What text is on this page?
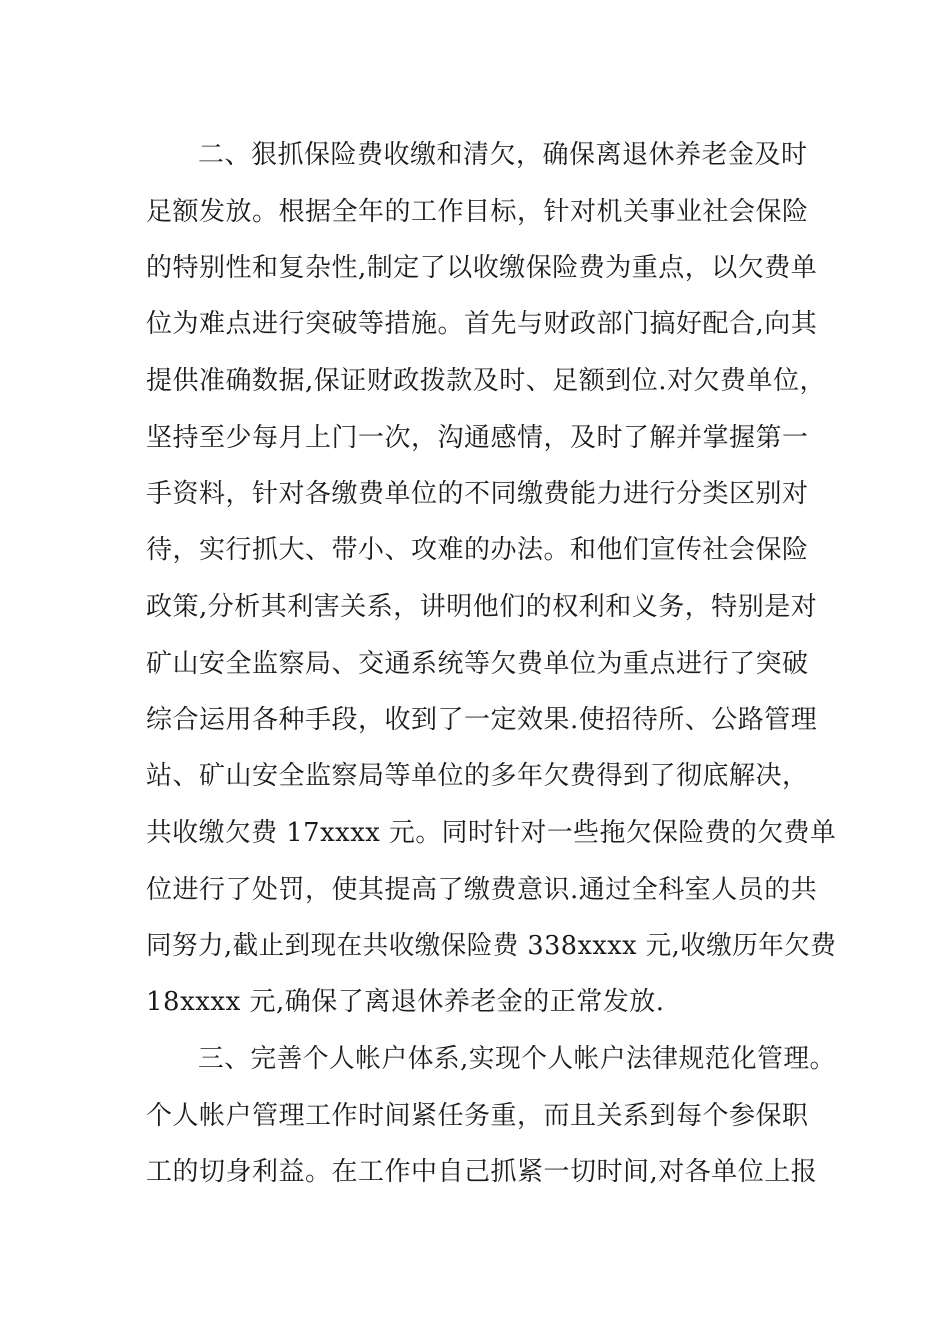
二、狠抓保险费收缴和清欠，确保离退休养老金及时
足额发放。根据全年的工作目标，针对机关事业社会保险
的特别性和复杂性,制定了以收缴保险费为重点，以欠费单
位为难点进行突破等措施。首先与财政部门搞好配合,向其
提供准确数据,保证财政拨款及时、足额到位.对欠费单位，
坚持至少每月上门一次，沟通感情，及时了解并掌握第一
手资料，针对各缴费单位的不同缴费能力进行分类区别对
待，实行抓大、带小、攻难的办法。和他们宣传社会保险
政策,分析其利害关系，讲明他们的权利和义务，特别是对
矿山安全监察局、交通系统等欠费单位为重点进行了突破
综合运用各种手段，收到了一定效果.使招待所、公路管理
站、矿山安全监察局等单位的多年欠费得到了彻底解决，
共收缴欠费 17xxxx 元。同时针对一些拖欠保险费的欠费单
位进行了处罚，使其提高了缴费意识.通过全科室人员的共
同努力,截止到现在共收缴保险费 338xxxx 元,收缴历年欠费
18xxxx 元,确保了离退休养老金的正常发放.
三、完善个人帐户体系,实现个人帐户法律规范化管理。
个人帐户管理工作时间紧任务重，而且关系到每个参保职
工的切身利益。在工作中自己抓紧一切时间,对各单位上报
